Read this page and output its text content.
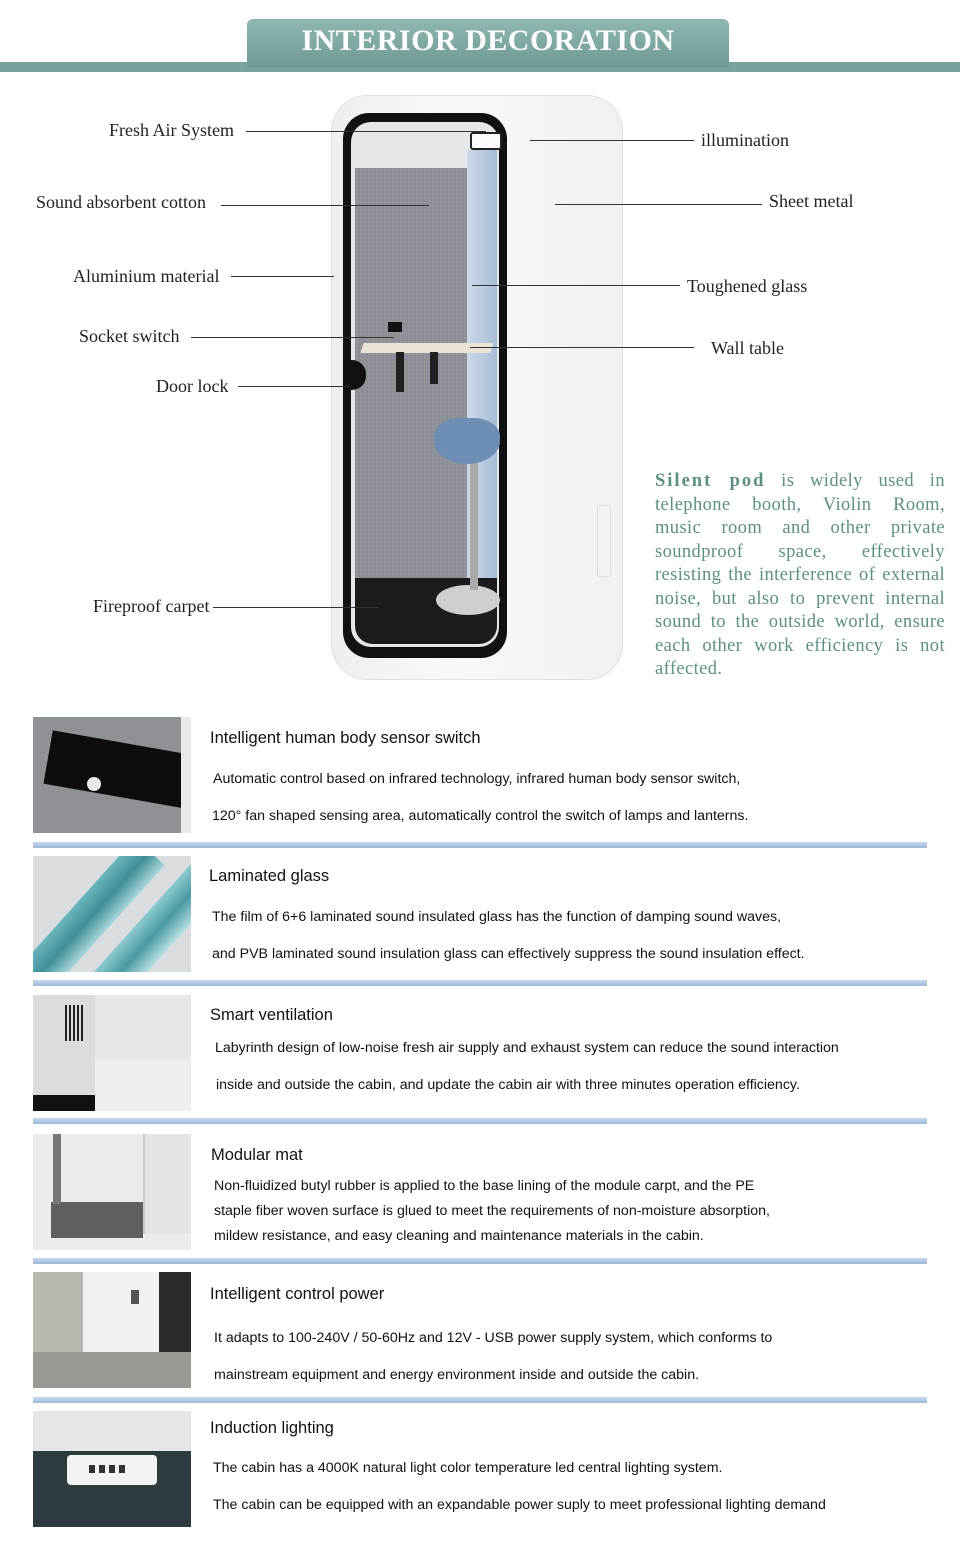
INTERIOR DECORATION
Fresh Air System
Sound absorbent cotton
Aluminium material
Socket switch
Door lock
Fireproof carpet
illumination
Sheet metal
Toughened glass
Wall table
Silent pod is widely used in telephone booth, Violin Room, music room and other private soundproof space, effectively resisting the interference of external noise, but also to prevent internal sound to the outside world, ensure each other work efficiency is not affected.
Intelligent human body sensor switch
Automatic control based on infrared technology, infrared human body sensor switch,
120° fan shaped sensing area, automatically control the switch of lamps and lanterns.
Laminated glass
The film of 6+6 laminated sound insulated glass has the function of damping sound waves,
and PVB laminated sound insulation glass can effectively suppress the sound insulation effect.
Smart ventilation
Labyrinth design of low-noise fresh air supply and exhaust system can reduce the sound interaction
inside and outside the cabin, and update the cabin air with three minutes operation efficiency.
Modular mat
Non-fluidized butyl rubber is applied to the base lining of the module carpt, and the PE
staple fiber woven surface is glued to meet the requirements of non-moisture absorption,
mildew resistance, and easy cleaning and maintenance materials in the cabin.
Intelligent control power
It adapts to 100-240V / 50-60Hz and 12V - USB power supply system, which conforms to
mainstream equipment and energy environment inside and outside the cabin.
Induction lighting
The cabin has a 4000K natural light color temperature led central lighting system.
The cabin can be equipped with an expandable power suply to meet professional lighting demand
